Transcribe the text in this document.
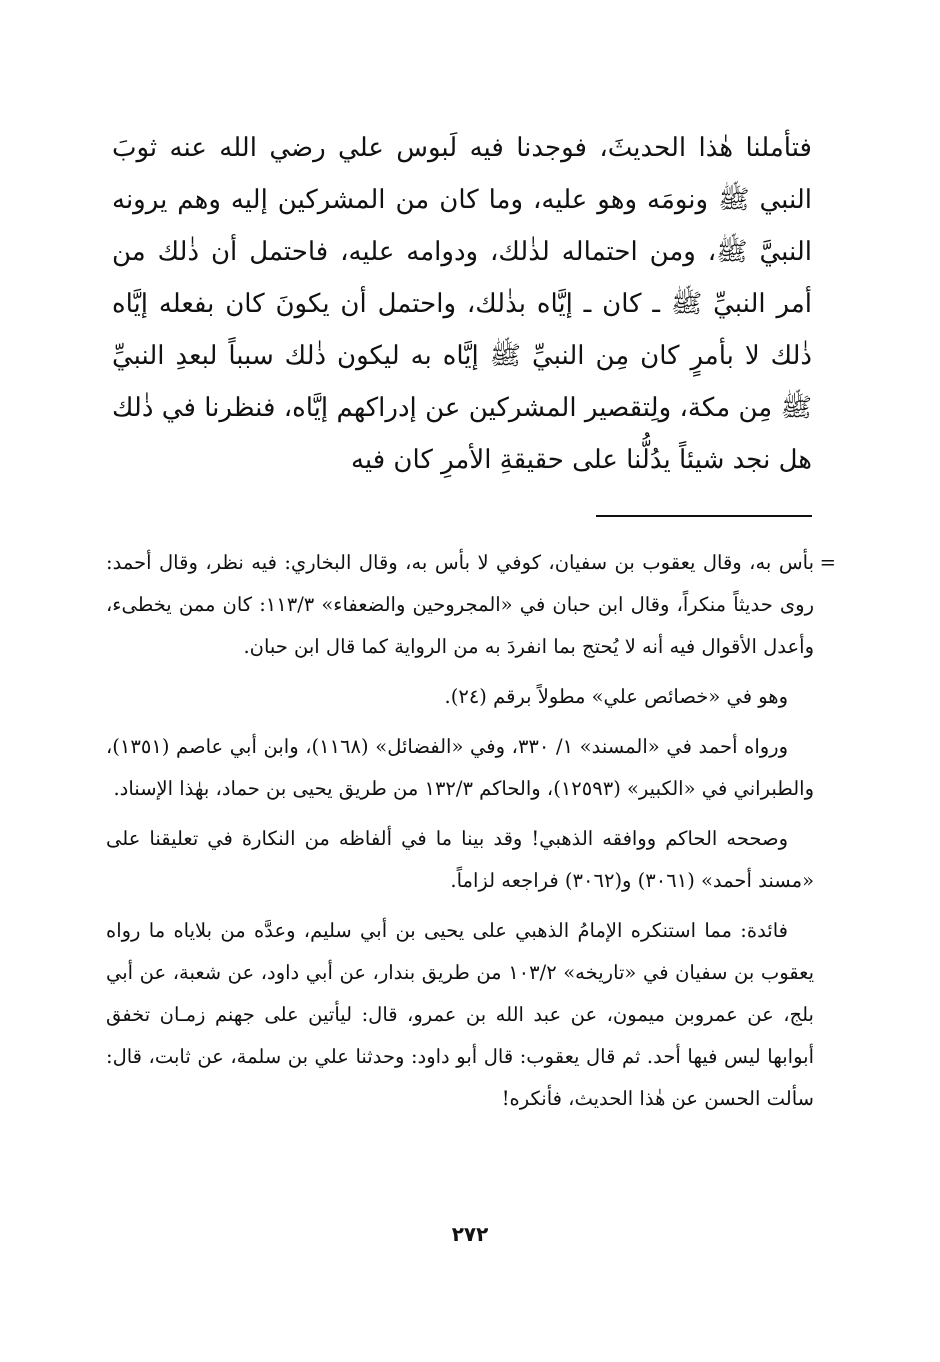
فتأملنا هٰذا الحديثَ، فوجدنا فيه لَبوس علي رضي الله عنه ثوبَ النبي ﷺ ونومَه وهو عليه، وما كان من المشركين إليه وهم يرونه النبيَّ ﷺ، ومن احتماله لذٰلك، ودوامه عليه، فاحتمل أن ذٰلك من أمر النبيِّ ﷺ ـ كان ـ إيَّاه بذٰلك، واحتمل أن يكونَ كان بفعله إيَّاه ذٰلك لا بأمرٍ كان مِن النبيِّ ﷺ إيَّاه به ليكون ذٰلك سبباً لبعدِ النبيِّ ﷺ مِن مكة، ولِتقصير المشركين عن إدراكهم إيَّاه، فنظرنا في ذٰلك هل نجد شيئاً يدُلُّنا على حقيقةِ الأمرِ كان فيه

=
بأس به، وقال يعقوب بن سفيان، كوفي لا بأس به، وقال البخاري: فيه نظر، وقال أحمد: روى حديثاً منكراً، وقال ابن حبان في «المجروحين والضعفاء» ١١٣/٣: كان ممن يخطىء، وأعدل الأقوال فيه أنه لا يُحتج بما انفردَ به من الرواية كما قال ابن حبان.

وهو في «خصائص علي» مطولاً برقم (٢٤).

ورواه أحمد في «المسند» ١/ ٣٣٠، وفي «الفضائل» (١١٦٨)، وابن أبي عاصم (١٣٥١)، والطبراني في «الكبير» (١٢٥٩٣)، والحاكم ١٣٢/٣ من طريق يحيى بن حماد، بهٰذا الإسناد.

وصححه الحاكم ووافقه الذهبي! وقد بينا ما في ألفاظه من النكارة في تعليقنا على «مسند أحمد» (٣٠٦١) و(٣٠٦٢) فراجعه لزاماً.

فائدة: مما استنكره الإمامُ الذهبي على يحيى بن أبي سليم، وعدَّه من بلاياه ما رواه يعقوب بن سفيان في «تاريخه» ١٠٣/٢ من طريق بندار، عن أبي داود، عن شعبة، عن أبي بلج، عن عمروبن ميمون، عن عبد الله بن عمرو، قال: ليأتين على جهنم زمـان تخفق أبوابها ليس فيها أحد. ثم قال يعقوب: قال أبو داود: وحدثنا علي بن سلمة، عن ثابت، قال: سألت الحسن عن هٰذا الحديث، فأنكره!

٢٧٢
